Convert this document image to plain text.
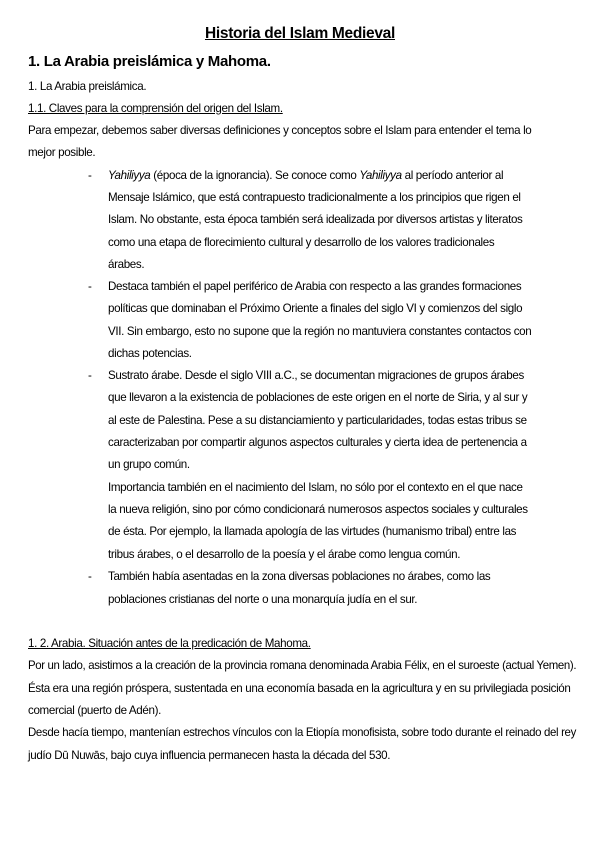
Historia del Islam Medieval
1. La Arabia preislámica y Mahoma.
1. La Arabia preislámica.
1.1. Claves para la comprensión del origen del Islam.
Para empezar, debemos saber diversas definiciones y conceptos sobre el Islam para entender el tema lo
mejor posible.
- Yahiliyya (época de la ignorancia). Se conoce como Yahiliyya al período anterior al
Mensaje Islámico, que está contrapuesto tradicionalmente a los principios que rigen el
Islam. No obstante, esta época también será idealizada por diversos artistas y literatos
como una etapa de florecimiento cultural y desarrollo de los valores tradicionales
árabes.
- Destaca también el papel periférico de Arabia con respecto a las grandes formaciones
políticas que dominaban el Próximo Oriente a finales del siglo VI y comienzos del siglo
VII. Sin embargo, esto no supone que la región no mantuviera constantes contactos con
dichas potencias.
- Sustrato árabe. Desde el siglo VIII a.C., se documentan migraciones de grupos árabes
que llevaron a la existencia de poblaciones de este origen en el norte de Siria, y al sur y
al este de Palestina. Pese a su distanciamiento y particularidades, todas estas tribus se
caracterizaban por compartir algunos aspectos culturales y cierta idea de pertenencia a
un grupo común.
Importancia también en el nacimiento del Islam, no sólo por el contexto en el que nace
la nueva religión, sino por cómo condicionará numerosos aspectos sociales y culturales
de ésta. Por ejemplo, la llamada apología de las virtudes (humanismo tribal) entre las
tribus árabes, o el desarrollo de la poesía y el árabe como lengua común.
- También había asentadas en la zona diversas poblaciones no árabes, como las
poblaciones cristianas del norte o una monarquía judía en el sur.
1. 2. Arabia. Situación antes de la predicación de Mahoma.
Por un lado, asistimos a la creación de la provincia romana denominada Arabia Félix, en el suroeste (actual Yemen).
Ésta era una región próspera, sustentada en una economía basada en la agricultura y en su privilegiada posición
comercial (puerto de Adén).
Desde hacía tiempo, mantenían estrechos vínculos con la Etiopía monofisista, sobre todo durante el reinado del rey
judío Dū Nuwās, bajo cuya influencia permanecen hasta la década del 530.
